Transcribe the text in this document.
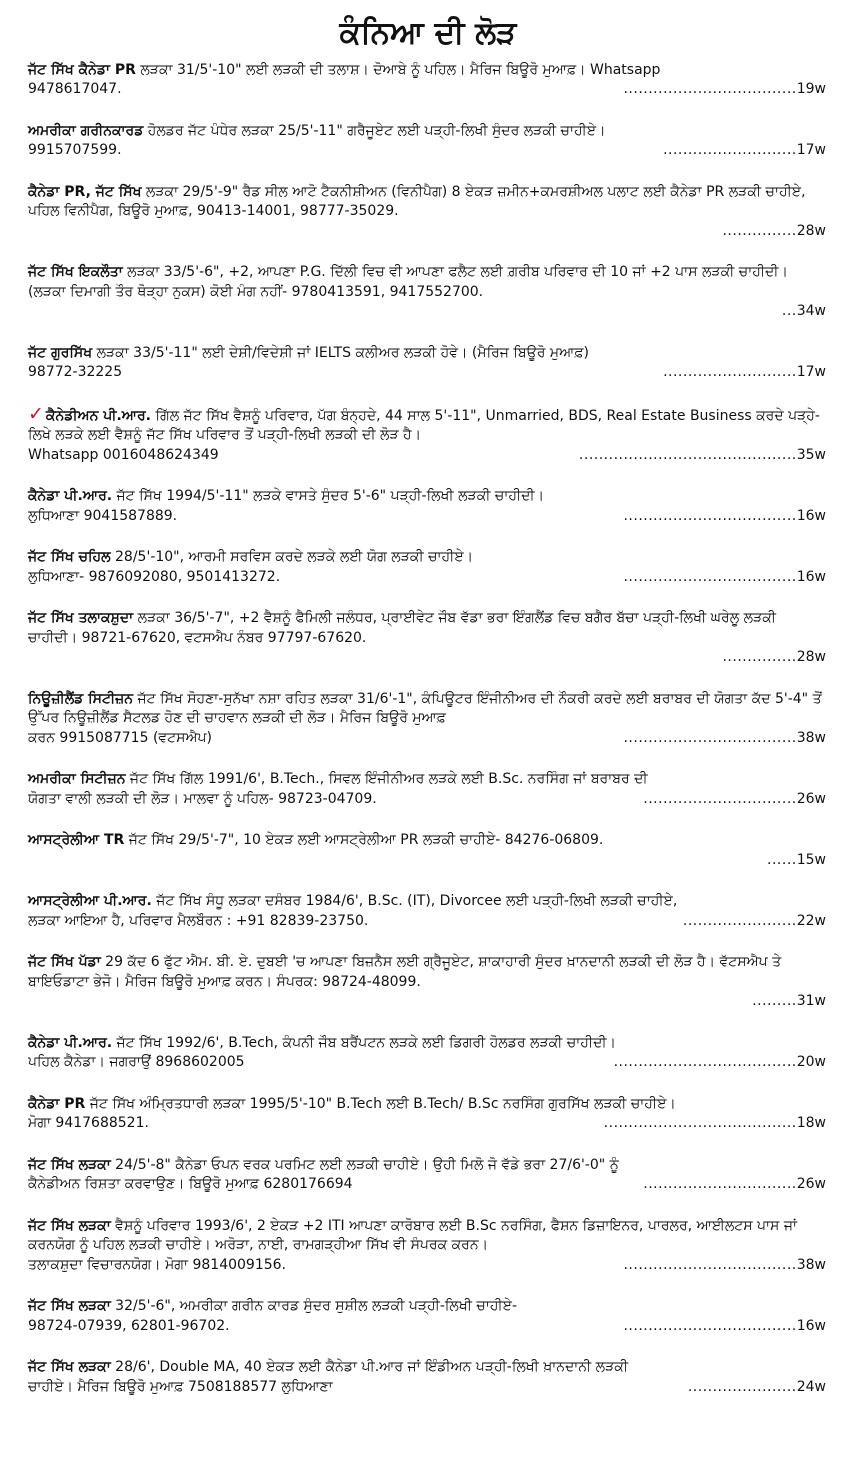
ਕੰਨਿਆ ਦੀ ਲੋੜ
ਜੱਟ ਸਿੱਖ ਕੈਨੇਡਾ PR ਲੜਕਾ 31/5'-10" ਲਈ ਲੜਕੀ ਦੀ ਤਲਾਸ਼। ਦੋਆਬੇ ਨੂੰ ਪਹਿਲ। ਮੈਰਿਜ ਬਿਊਰੋ ਮੁਆਫ਼। Whatsapp
9478617047.	...................................19w
ਅਮਰੀਕਾ ਗਰੀਨਕਾਰਡ ਹੋਲਡਰ ਜੱਟ ਪੰਧੇਰ ਲੜਕਾ 25/5'-11" ਗਰੈਜੂਏਟ ਲਈ ਪੜ੍ਹੀ-ਲਿਖੀ ਸੁੰਦਰ ਲੜਕੀ ਚਾਹੀਏ।
9915707599.	...........................17w
ਕੈਨੇਡਾ PR, ਜੱਟ ਸਿੱਖ ਲੜਕਾ 29/5'-9" ਰੈਡ ਸੀਲ ਆਟੋ ਟੈਕਨੀਸ਼ੀਅਨ (ਵਿਨੀਪੈਗ) 8 ਏਕੜ ਜ਼ਮੀਨ+ਕਮਰਸ਼ੀਅਲ ਪਲਾਟ ਲਈ ਕੈਨੇਡਾ PR ਲੜਕੀ ਚਾਹੀਏ, ਪਹਿਲ ਵਿਨੀਪੈਗ, ਬਿਊਰੋ ਮੁਆਫ਼, 90413-14001, 98777-35029.
...............28w
ਜੱਟ ਸਿੱਖ ਇਕਲੌਤਾ ਲੜਕਾ 33/5'-6", +2, ਆਪਣਾ P.G. ਦਿੱਲੀ ਵਿਚ ਵੀ ਆਪਣਾ ਫਲੈਟ ਲਈ ਗ਼ਰੀਬ ਪਰਿਵਾਰ ਦੀ 10 ਜਾਂ +2 ਪਾਸ ਲੜਕੀ ਚਾਹੀਦੀ। (ਲੜਕਾ ਦਿਮਾਗੀ ਤੌਰ ਥੋੜ੍ਹਾ ਨੁਕਸ) ਕੋਈ ਮੰਗ ਨਹੀਂ- 9780413591, 9417552700.
...34w
ਜੱਟ ਗੁਰਸਿੱਖ ਲੜਕਾ 33/5'-11" ਲਈ ਦੇਸ਼ੀ/ਵਿਦੇਸ਼ੀ ਜਾਂ IELTS ਕਲੀਅਰ ਲੜਕੀ ਹੋਵੇ। (ਮੈਰਿਜ ਬਿਊਰੋ ਮੁਆਫ਼)
98772-32225	...........................17w
✓ ਕੈਨੇਡੀਅਨ ਪੀ.ਆਰ. ਗਿੱਲ ਜੱਟ ਸਿੱਖ ਵੈਸ਼ਨੂੰ ਪਰਿਵਾਰ, ਪੱਗ ਬੰਨ੍ਹਦੇ, 44 ਸਾਲ 5'-11", Unmarried, BDS, Real Estate Business ਕਰਦੇ ਪੜ੍ਹੇ-ਲਿਖੇ ਲੜਕੇ ਲਈ ਵੈਸ਼ਨੂੰ ਜੱਟ ਸਿੱਖ ਪਰਿਵਾਰ ਤੋਂ ਪੜ੍ਹੀ-ਲਿਖੀ ਲੜਕੀ ਦੀ ਲੋੜ ਹੈ।
Whatsapp 0016048624349	............................................35w
ਕੈਨੇਡਾ ਪੀ.ਆਰ. ਜੱਟ ਸਿੱਖ 1994/5'-11" ਲੜਕੇ ਵਾਸਤੇ ਸੁੰਦਰ 5'-6" ਪੜ੍ਹੀ-ਲਿਖੀ ਲੜਕੀ ਚਾਹੀਦੀ।
ਲੁਧਿਆਣਾ 9041587889.	...................................16w
ਜੱਟ ਸਿੱਖ ਚਹਿਲ 28/5'-10", ਆਰਮੀ ਸਰਵਿਸ ਕਰਦੇ ਲੜਕੇ ਲਈ ਯੋਗ ਲੜਕੀ ਚਾਹੀਏ।
ਲੁਧਿਆਣਾ- 9876092080, 9501413272.	...................................16w
ਜੱਟ ਸਿੱਖ ਤਲਾਕਸ਼ੁਦਾ ਲੜਕਾ 36/5'-7", +2 ਵੈਸ਼ਨੂੰ ਫੈਮਿਲੀ ਜਲੰਧਰ, ਪ੍ਰਾਈਵੇਟ ਜੌਬ ਵੱਡਾ ਭਰਾ ਇੰਗਲੈਂਡ ਵਿਚ ਬਗੈਰ ਬੱਚਾ ਪੜ੍ਹੀ-ਲਿਖੀ ਘਰੇਲੂ ਲੜਕੀ ਚਾਹੀਦੀ। 98721-67620, ਵਟਸਐਪ ਨੰਬਰ 97797-67620.
...............28w
ਨਿਊਜ਼ੀਲੈਂਡ ਸਿਟੀਜ਼ਨ ਜੱਟ ਸਿੱਖ ਸੋਹਣਾ-ਸੁਨੱਖਾ ਨਸ਼ਾ ਰਹਿਤ ਲੜਕਾ 31/6'-1", ਕੰਪਿਊਟਰ ਇੰਜੀਨੀਅਰ ਦੀ ਨੌਕਰੀ ਕਰਦੇ ਲਈ ਬਰਾਬਰ ਦੀ ਯੋਗਤਾ ਕੱਦ 5'-4" ਤੋਂ ਉੱਪਰ ਨਿਊਜ਼ੀਲੈਂਡ ਸੈਟਲਡ ਹੋਣ ਦੀ ਚਾਹਵਾਨ ਲੜਕੀ ਦੀ ਲੋੜ। ਮੈਰਿਜ ਬਿਊਰੋ ਮੁਆਫ਼
ਕਰਨ 9915087715 (ਵਟਸਐਪ)	...................................38w
ਅਮਰੀਕਾ ਸਿਟੀਜ਼ਨ ਜੱਟ ਸਿੱਖ ਗਿੱਲ 1991/6', B.Tech., ਸਿਵਲ ਇੰਜੀਨੀਅਰ ਲੜਕੇ ਲਈ B.Sc. ਨਰਸਿੰਗ ਜਾਂ ਬਰਾਬਰ ਦੀ
ਯੋਗਤਾ ਵਾਲੀ ਲੜਕੀ ਦੀ ਲੋੜ। ਮਾਲਵਾ ਨੂੰ ਪਹਿਲ- 98723-04709.	...............................26w
ਆਸਟ੍ਰੇਲੀਆ TR ਜੱਟ ਸਿੱਖ 29/5'-7", 10 ਏਕੜ ਲਈ ਆਸਟ੍ਰੇਲੀਆ PR ਲੜਕੀ ਚਾਹੀਏ- 84276-06809.
......15w
ਆਸਟ੍ਰੇਲੀਆ ਪੀ.ਆਰ. ਜੱਟ ਸਿੱਖ ਸੰਧੂ ਲੜਕਾ ਦਸੰਬਰ 1984/6', B.Sc. (IT), Divorcee ਲਈ ਪੜ੍ਹੀ-ਲਿਖੀ ਲੜਕੀ ਚਾਹੀਏ,
ਲੜਕਾ ਆਇਆ ਹੈ, ਪਰਿਵਾਰ ਮੈਲਬੌਰਨ : +91 82839-23750.	.......................22w
ਜੱਟ ਸਿੱਖ ਪੱਡਾ 29 ਕੱਦ 6 ਫੁੱਟ ਐਮ. ਬੀ. ਏ. ਦੁਬਈ 'ਚ ਆਪਣਾ ਬਿਜ਼ਨੈਸ ਲਈ ਗ੍ਰੈਜੂਏਟ, ਸ਼ਾਕਾਹਾਰੀ ਸੁੰਦਰ ਖ਼ਾਨਦਾਨੀ ਲੜਕੀ ਦੀ ਲੋੜ ਹੈ। ਵੱਟਸਐਪ ਤੇ ਬਾਇਓਡਾਟਾ ਭੇਜੋ। ਮੈਰਿਜ ਬਿਊਰੋ ਮੁਆਫ਼ ਕਰਨ। ਸੰਪਰਕ: 98724-48099.
.........31w
ਕੈਨੇਡਾ ਪੀ.ਆਰ. ਜੱਟ ਸਿੱਖ 1992/6', B.Tech, ਕੰਪਨੀ ਜੌਬ ਬਰੈਂਪਟਨ ਲੜਕੇ ਲਈ ਡਿਗਰੀ ਹੋਲਡਰ ਲੜਕੀ ਚਾਹੀਦੀ।
ਪਹਿਲ ਕੈਨੇਡਾ। ਜਗਰਾਉਂ 8968602005	.....................................20w
ਕੈਨੇਡਾ PR ਜੱਟ ਸਿੱਖ ਅੰਮ੍ਰਿਤਧਾਰੀ ਲੜਕਾ 1995/5'-10" B.Tech ਲਈ B.Tech/ B.Sc ਨਰਸਿੰਗ ਗੁਰਸਿੱਖ ਲੜਕੀ ਚਾਹੀਏ।
ਮੋਗਾ 9417688521.	.......................................18w
ਜੱਟ ਸਿੱਖ ਲੜਕਾ 24/5'-8" ਕੈਨੇਡਾ ਓਪਨ ਵਰਕ ਪਰਮਿਟ ਲਈ ਲੜਕੀ ਚਾਹੀਏ। ਉਹੀ ਮਿਲੋ ਜੋ ਵੱਡੇ ਭਰਾ 27/6'-0" ਨੂੰ
ਕੈਨੇਡੀਅਨ ਰਿਸ਼ਤਾ ਕਰਵਾਉਣ। ਬਿਊਰੋ ਮੁਆਫ਼ 6280176694	...............................26w
ਜੱਟ ਸਿੱਖ ਲੜਕਾ ਵੈਸ਼ਨੂੰ ਪਰਿਵਾਰ 1993/6', 2 ਏਕੜ +2 ITI ਆਪਣਾ ਕਾਰੋਬਾਰ ਲਈ B.Sc ਨਰਸਿੰਗ, ਫੈਸ਼ਨ ਡਿਜ਼ਾਇਨਰ, ਪਾਰਲਰ, ਆਈਲਟਸ ਪਾਸ ਜਾਂ ਕਰਨਯੋਗ ਨੂੰ ਪਹਿਲ ਲੜਕੀ ਚਾਹੀਏ। ਅਰੋੜਾ, ਨਾਈ, ਰਾਮਗੜ੍ਹੀਆ ਸਿੱਖ ਵੀ ਸੰਪਰਕ ਕਰਨ।
ਤਲਾਕਸ਼ੁਦਾ ਵਿਚਾਰਨਯੋਗ। ਮੋਗਾ 9814009156.	...................................38w
ਜੱਟ ਸਿੱਖ ਲੜਕਾ 32/5'-6", ਅਮਰੀਕਾ ਗਰੀਨ ਕਾਰਡ ਸੁੰਦਰ ਸੁਸ਼ੀਲ ਲੜਕੀ ਪੜ੍ਹੀ-ਲਿਖੀ ਚਾਹੀਏ-
98724-07939, 62801-96702.	...................................16w
ਜੱਟ ਸਿੱਖ ਲੜਕਾ 28/6', Double MA, 40 ਏਕੜ ਲਈ ਕੈਨੇਡਾ ਪੀ.ਆਰ ਜਾਂ ਇੰਡੀਅਨ ਪੜ੍ਹੀ-ਲਿਖੀ ਖ਼ਾਨਦਾਨੀ ਲੜਕੀ
ਚਾਹੀਏ। ਮੈਰਿਜ ਬਿਊਰੋ ਮੁਆਫ਼ 7508188577 ਲੁਧਿਆਣਾ	......................24w
